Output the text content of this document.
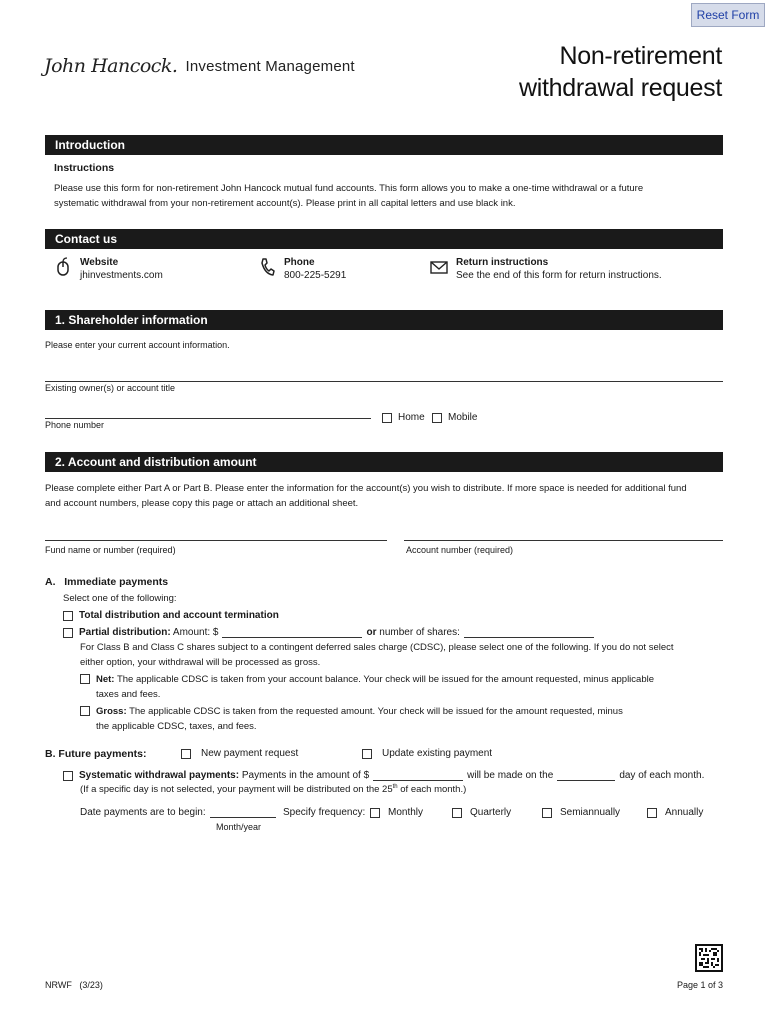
Reset Form
John Hancock. Investment Management	Non-retirement
withdrawal request
Introduction
Instructions
Please use this form for non-retirement John Hancock mutual fund accounts. This form allows you to make a one-time withdrawal or a future
systematic withdrawal from your non-retirement account(s). Please print in all capital letters and use black ink.
Contact us
Website
jhinvestments.com
Phone
800-225-5291
Return instructions
See the end of this form for return instructions.
1. Shareholder information
Please enter your current account information.
Existing owner(s) or account title
Phone number
Home Mobile
2. Account and distribution amount
Please complete either Part A or Part B. Please enter the information for the account(s) you wish to distribute. If more space is needed for additional fund
and account numbers, please copy this page or attach an additional sheet.
Fund name or number (required)	Account number (required)
A.   Immediate payments
Select one of the following:
Total distribution and account termination
Partial distribution: Amount: $	or number of shares:
For Class B and Class C shares subject to a contingent deferred sales charge (CDSC), please select one of the following. If you do not select
either option, your withdrawal will be processed as gross.
Net: The applicable CDSC is taken from your account balance. Your check will be issued for the amount requested, minus applicable
taxes and fees.
Gross: The applicable CDSC is taken from the requested amount. Your check will be issued for the amount requested, minus
the applicable CDSC, taxes, and fees.
B. Future payments:	New payment request	Update existing payment
Systematic withdrawal payments: Payments in the amount of $	will be made on the	day of each month.
(If a specific day is not selected, your payment will be distributed on the 25th of each month.)
Date payments are to begin:
Month/year
Specify frequency: Monthly	Quarterly	Semiannually	Annually
NRWF   (3/23)	Page 1 of 3
